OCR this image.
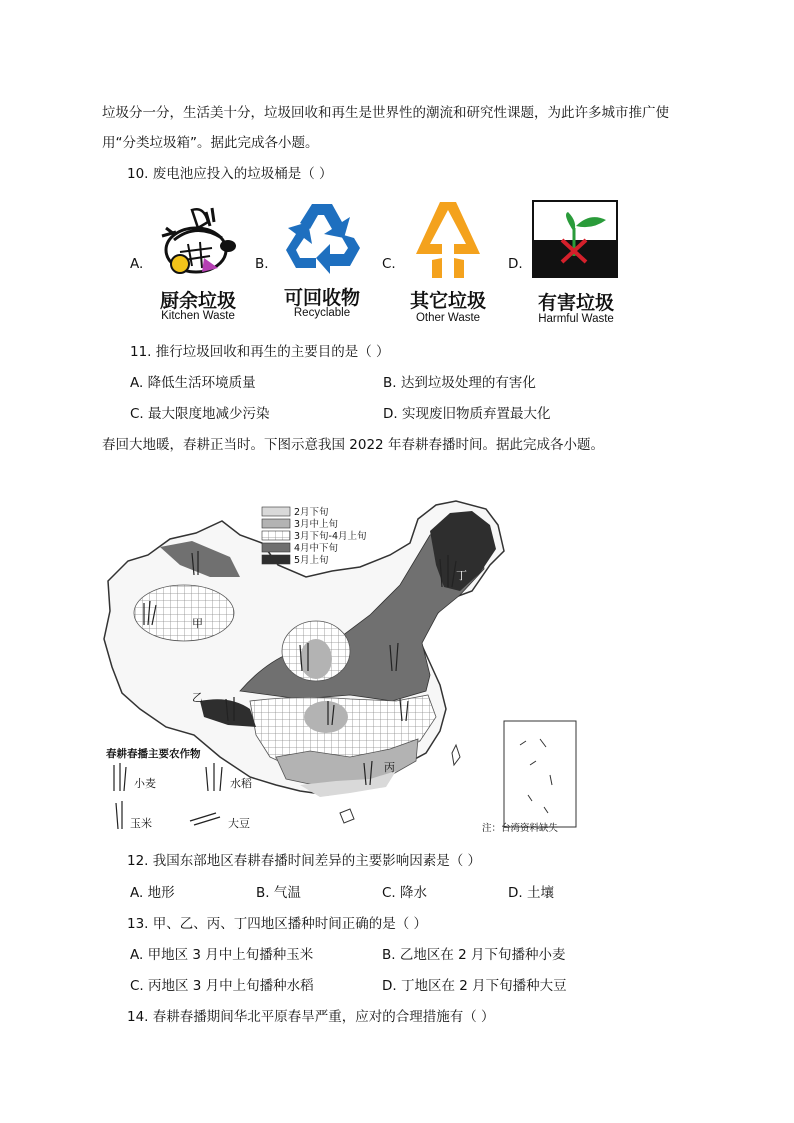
垃圾分一分，生活美十分，垃圾回收和再生是世界性的潮流和研究性课题，为此许多城市推广使
用“分类垃圾箱”。据此完成各小题。
10. 废电池应投入的垃圾桶是（ ）
A.
厨余垃圾
Kitchen Waste
B.
可回收物
Recyclable
C.
其它垃圾
Other Waste
D.
有害垃圾
Harmful Waste
11. 推行垃圾回收和再生的主要目的是（ ）
A. 降低生活环境质量	B. 达到垃圾处理的有害化
C. 最大限度地减少污染	D. 实现废旧物质弃置最大化
春回大地暖，春耕正当时。下图示意我国 2022 年春耕春播时间。据此完成各小题。
2月下旬
3月中上旬
3月下旬-4月上旬
4月中下旬
5月上旬
甲
乙
丙
丁
春耕春播主要农作物
小麦	水稻
玉米	大豆	注：台湾资料缺失
12. 我国东部地区春耕春播时间差异的主要影响因素是（ ）
A. 地形	B. 气温	C. 降水	D. 土壤
13. 甲、乙、丙、丁四地区播种时间正确的是（ ）
A. 甲地区 3 月中上旬播种玉米	B. 乙地区在 2 月下旬播种小麦
C. 丙地区 3 月中上旬播种水稻	D. 丁地区在 2 月下旬播种大豆
14. 春耕春播期间华北平原春旱严重，应对的合理措施有（ ）
